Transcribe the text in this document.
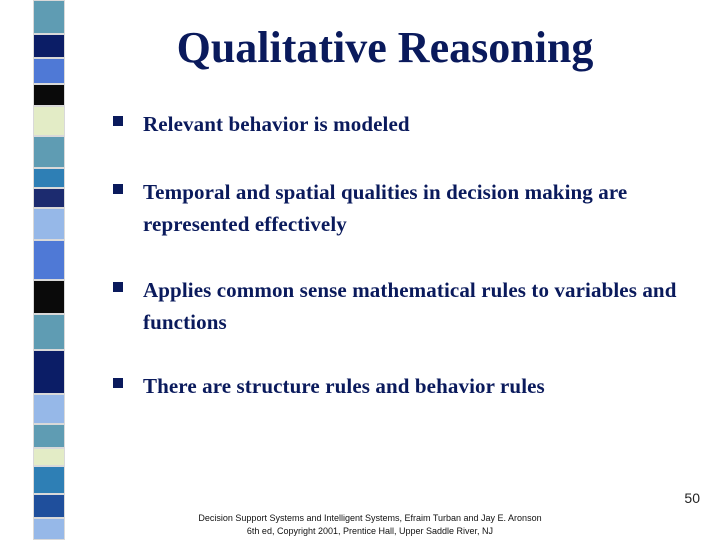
Qualitative Reasoning
Relevant behavior is modeled
Temporal and spatial qualities in decision making are represented effectively
Applies common sense mathematical rules to variables and functions
There are structure rules and behavior rules
50
Decision Support Systems and Intelligent Systems, Efraim Turban and Jay E. Aronson
6th ed, Copyright 2001, Prentice Hall, Upper Saddle River, NJ
